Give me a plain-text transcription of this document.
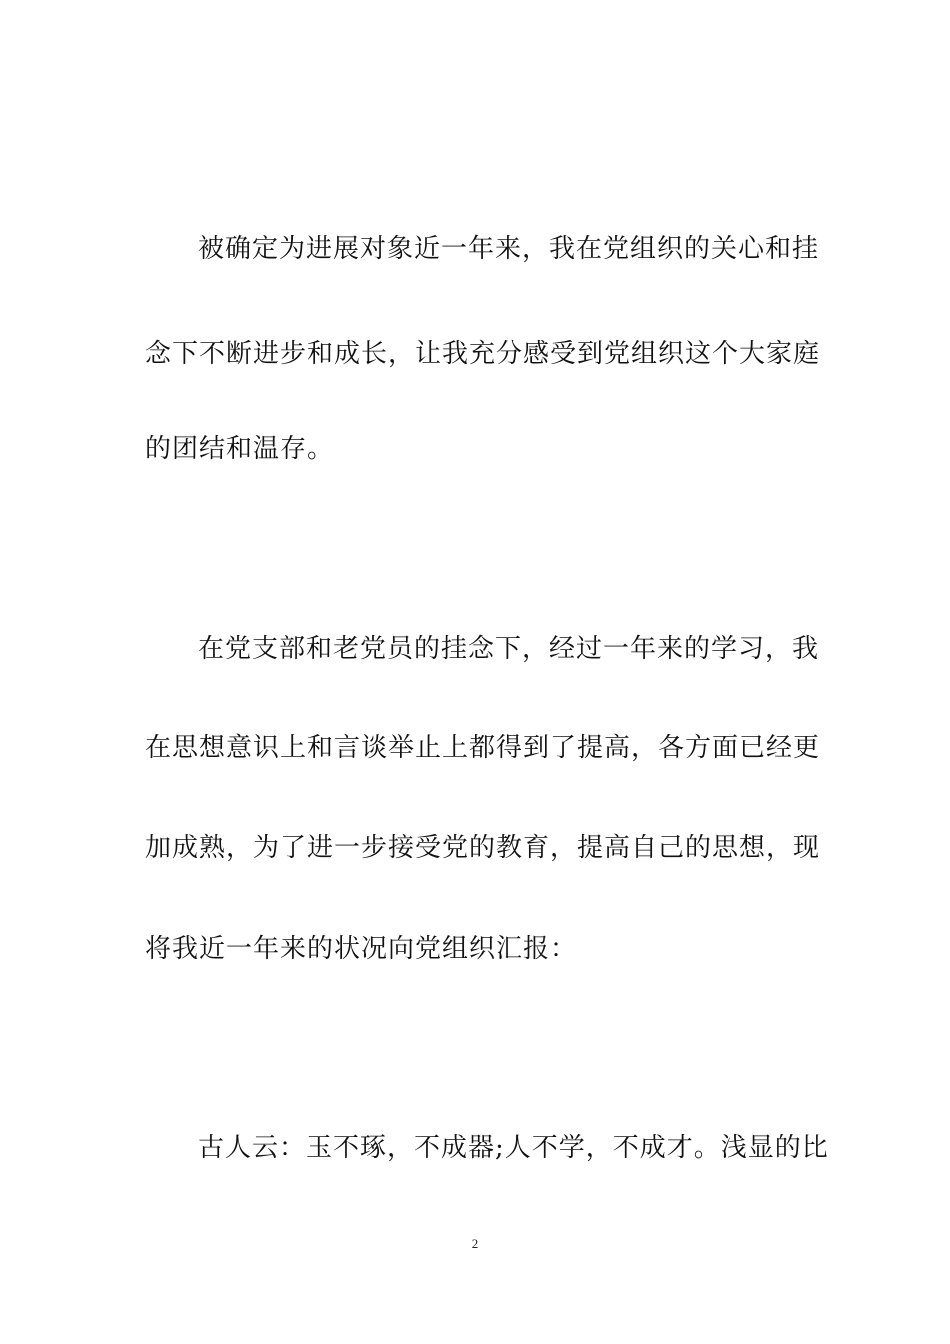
被确定为进展对象近一年来，我在党组织的关心和挂
念下不断进步和成长，让我充分感受到党组织这个大家庭
的团结和温存。
在党支部和老党员的挂念下，经过一年来的学习，我
在思想意识上和言谈举止上都得到了提高，各方面已经更
加成熟，为了进一步接受党的教育，提高自己的思想，现
将我近一年来的状况向党组织汇报：
古人云：玉不琢，不成器;人不学，不成才。浅显的比
2
